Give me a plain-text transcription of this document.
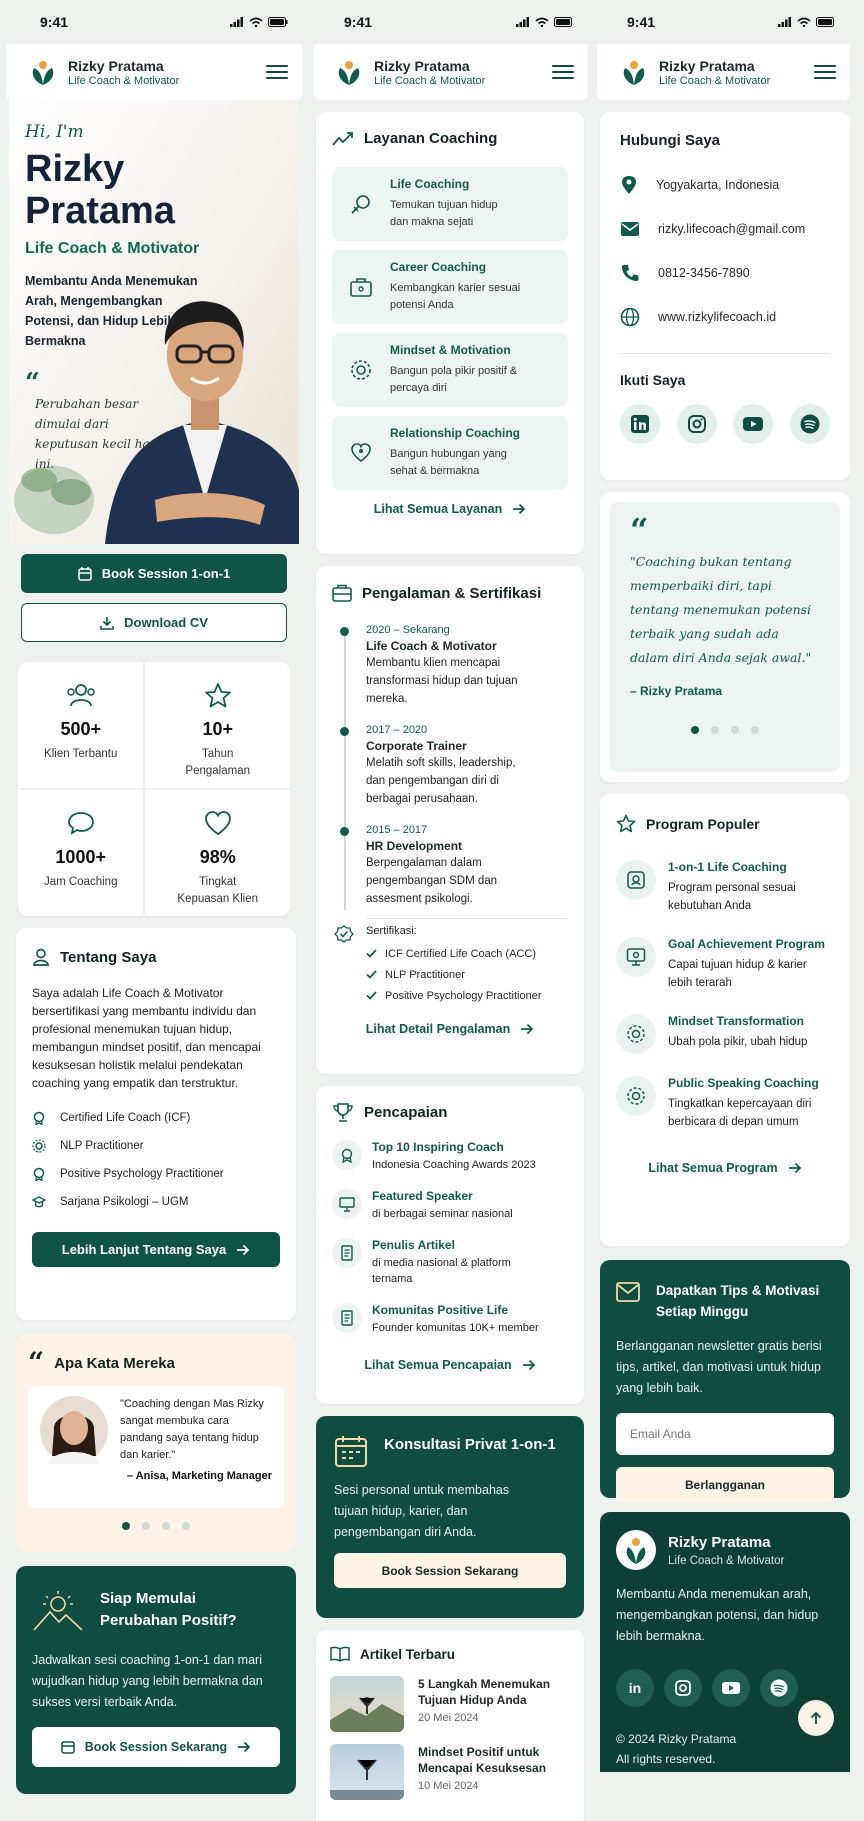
9:41
Rizky Pratama
Life Coach & Motivator
Hi, I'm
Rizky
Pratama
Life Coach & Motivator
Membantu Anda Menemukan Arah, Mengembangkan Potensi, dan Hidup Lebih Bermakna
“
Perubahan besar dimulai dari keputusan kecil hari ini.
Book Session 1-on-1
Download CV
500+
Klien Terbantu
10+
Tahun Pengalaman
1000+
Jam Coaching
98%
Tingkat Kepuasan Klien
Tentang Saya

Saya adalah Life Coach & Motivator bersertifikasi yang membantu individu dan profesional menemukan tujuan hidup, membangun mindset positif, dan mencapai kesuksesan holistik melalui pendekatan coaching yang empatik dan terstruktur.

Certified Life Coach (ICF)
NLP Practitioner
Positive Psychology Practitioner
Sarjana Psikologi – UGM
Lebih Lanjut Tentang Saya
“ Apa Kata Mereka

"Coaching dengan Mas Rizky sangat membuka cara pandang saya tentang hidup dan karier."

– Anisa, Marketing Manager

Siap Memulai Perubahan Positif?

Jadwalkan sesi coaching 1-on-1 dan mari wujudkan hidup yang lebih bermakna dan sukses versi terbaik Anda.

Book Session Sekarang
9:41
Rizky Pratama
Life Coach & Motivator
Layanan Coaching
Life Coaching
Temukan tujuan hidup dan makna sejati
Career Coaching
Kembangkan karier sesuai potensi Anda
Mindset & Motivation
Bangun pola pikir positif & percaya diri
Relationship Coaching
Bangun hubungan yang sehat & bermakna
Lihat Semua Layanan
Pengalaman & Sertifikasi
2020 – Sekarang
Life Coach & Motivator
Membantu klien mencapai transformasi hidup dan tujuan mereka.
2017 – 2020
Corporate Trainer
Melatih soft skills, leadership, dan pengembangan diri di berbagai perusahaan.
2015 – 2017
HR Development
Berpengalaman dalam pengembangan SDM dan assesment psikologi.
Sertifikasi:
ICF Certified Life Coach (ACC)
NLP Practitioner
Positive Psychology Practitioner
Lihat Detail Pengalaman
Pencapaian
Top 10 Inspiring Coach
Indonesia Coaching Awards 2023
Featured Speaker
di berbagai seminar nasional
Penulis Artikel
di media nasional & platform ternama
Komunitas Positive Life
Founder komunitas 10K+ member
Lihat Semua Pencapaian
Konsultasi Privat 1-on-1

Sesi personal untuk membahas tujuan hidup, karier, dan pengembangan diri Anda.

Book Session Sekarang
Artikel Terbaru
5 Langkah Menemukan Tujuan Hidup Anda
20 Mei 2024
Mindset Positif untuk Mencapai Kesuksesan
10 Mei 2024
9:41
Rizky Pratama
Life Coach & Motivator
Hubungi Saya
Yogyakarta, Indonesia
rizky.lifecoach@gmail.com
0812-3456-7890
www.rizkylifecoach.id
Ikuti Saya
“

"Coaching bukan tentang memperbaiki diri, tapi tentang menemukan potensi terbaik yang sudah ada dalam diri Anda sejak awal."

– Rizky Pratama

Program Populer
1-on-1 Life Coaching
Program personal sesuai kebutuhan Anda
Goal Achievement Program
Capai tujuan hidup & karier lebih terarah
Mindset Transformation
Ubah pola pikir, ubah hidup
Public Speaking Coaching
Tingkatkan kepercayaan diri berbicara di depan umum
Lihat Semua Program
Dapatkan Tips & Motivasi Setiap Minggu

Berlangganan newsletter gratis berisi tips, artikel, dan motivasi untuk hidup yang lebih baik.

Email Anda
Berlangganan
Rizky Pratama
Life Coach & Motivator

Membantu Anda menemukan arah, mengembangkan potensi, dan hidup lebih bermakna.

in
© 2024 Rizky Pratama
All rights reserved.
